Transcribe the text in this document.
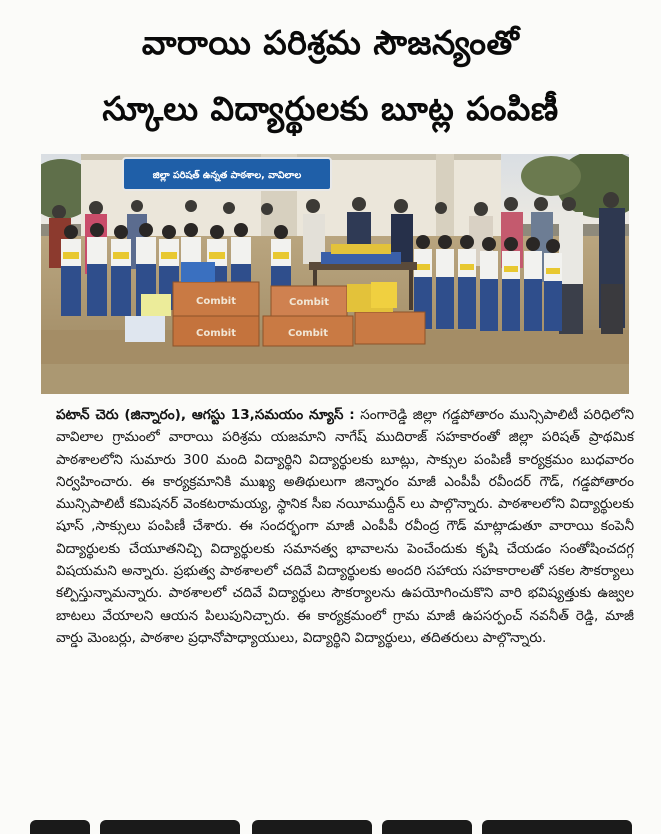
వారాయి పరిశ్రమ సౌజన్యంతో
స్కూలు విద్యార్థులకు బూట్ల పంపిణీ
జిల్లా పరిషత్ ఉన్నత పాఠశాల, వావిలాల
Combit
Combit
Combit
Combit
పటాన్ చెరు (జిన్నారం), ఆగస్టు 13,సమయం న్యూస్ : సంగారెడ్డి జిల్లా గడ్డపోతారం మున్సిపాలిటీ పరిధిలోని వావిలాల గ్రామంలో వారాయి పరిశ్రమ యజమాని నాగేష్ ముదిరాజ్ సహకారంతో జిల్లా పరిషత్ ప్రాథమిక పాఠశాలలోని సుమారు 300 మంది విద్యార్థిని విద్యార్థులకు బూట్లు, సాక్సుల పంపిణీ కార్యక్రమం బుధవారం నిర్వహించారు. ఈ కార్యక్రమానికి ముఖ్య అతిథులుగా జిన్నారం మాజీ ఎంపీపీ రవీందర్ గౌడ్, గడ్డపోతారం మున్సిపాలిటీ కమిషనర్ వెంకటరామయ్య, స్థానిక సీఐ నయీముద్దీన్ లు పాల్గొన్నారు. పాఠశాలలోని విద్యార్థులకు షూస్ ,సాక్సులు పంపిణీ చేశారు. ఈ సందర్భంగా మాజీ ఎంపీపీ రవీంద్ర గౌడ్ మాట్లాడుతూ వారాయి కంపెనీ విద్యార్థులకు చేయూతనిచ్చి విద్యార్థులకు సమానత్వ భావాలను పెంచేందుకు కృషి చేయడం సంతోషించదగ్గ విషయమని అన్నారు. ప్రభుత్వ పాఠశాలలో చదివే విద్యార్థులకు అందరి సహాయ సహకారాలతో సకల సౌకర్యాలు కల్పిస్తున్నామన్నారు. పాఠశాలలో చదివే విద్యార్థులు సౌకర్యాలను ఉపయోగించుకొని వారి భవిష్యత్తుకు ఉజ్వల బాటలు వేయాలని ఆయన పిలుపునిచ్చారు. ఈ కార్యక్రమంలో గ్రామ మాజీ ఉపసర్పంచ్ నవనీత్ రెడ్డి, మాజీ వార్డు మెంబర్లు, పాఠశాల ప్రధానోపాధ్యాయులు, విద్యార్థిని విద్యార్థులు, తదితరులు పాల్గొన్నారు.
